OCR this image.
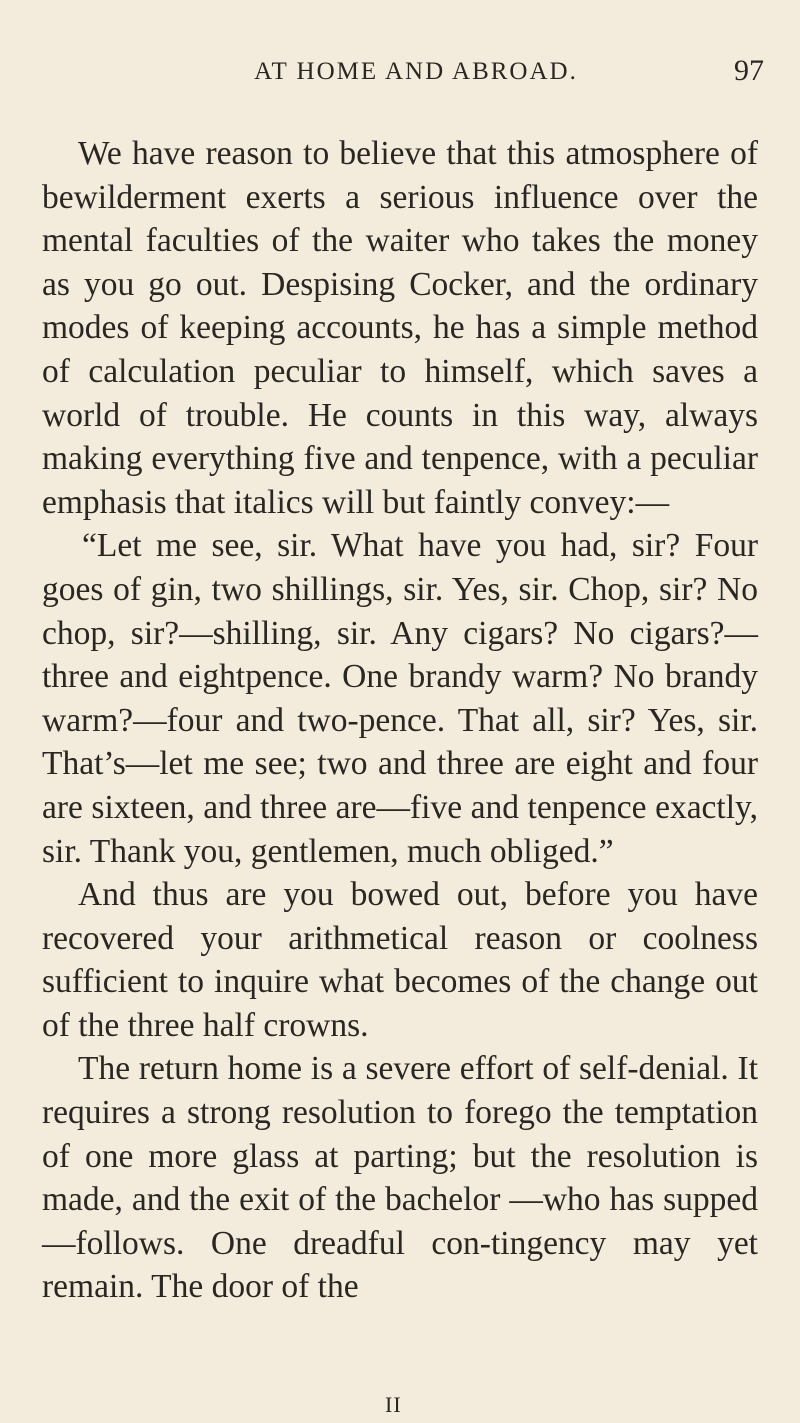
AT HOME AND ABROAD.	97

We have reason to believe that this atmosphere of bewilderment exerts a serious influence over the mental faculties of the waiter who takes the money as you go out. Despising Cocker, and the ordinary modes of keeping accounts, he has a simple method of calculation peculiar to himself, which saves a world of trouble. He counts in this way, always making everything five and tenpence, with a peculiar emphasis that italics will but faintly convey:—

“Let me see, sir. What have you had, sir? Four goes of gin, two shillings, sir. Yes, sir. Chop, sir? No chop, sir?—shilling, sir. Any cigars? No cigars?—three and eightpence. One brandy warm? No brandy warm?—four and two-pence. That all, sir? Yes, sir. That’s—let me see; two and three are eight and four are sixteen, and three are—five and tenpence exactly, sir. Thank you, gentlemen, much obliged.”

And thus are you bowed out, before you have recovered your arithmetical reason or coolness sufficient to inquire what becomes of the change out of the three half crowns.

The return home is a severe effort of self-denial. It requires a strong resolution to forego the temptation of one more glass at parting; but the resolution is made, and the exit of the bachelor —who has supped—follows. One dreadful con-tingency may yet remain. The door of the

II
